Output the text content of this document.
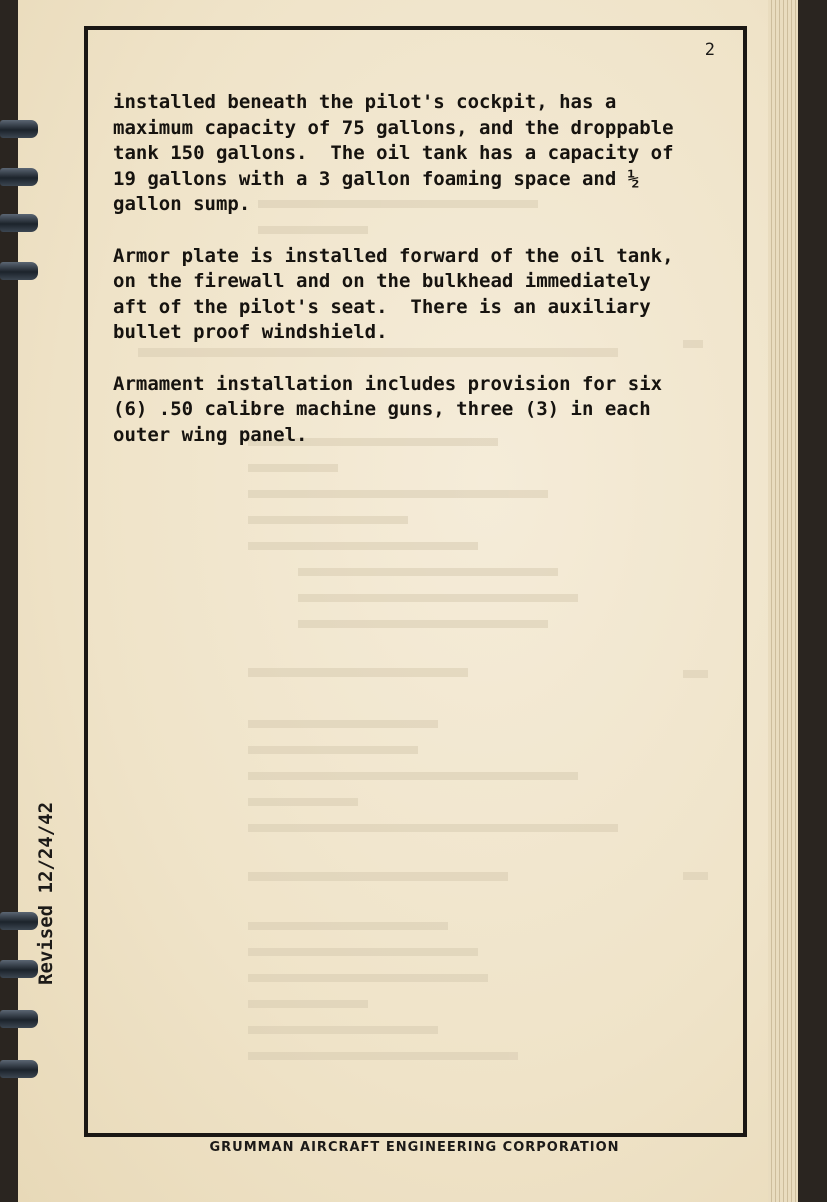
2

installed beneath the pilot's cockpit, has a
maximum capacity of 75 gallons, and the droppable
tank 150 gallons.  The oil tank has a capacity of
19 gallons with a 3 gallon foaming space and ½
gallon sump.

Armor plate is installed forward of the oil tank,
on the firewall and on the bulkhead immediately
aft of the pilot's seat.  There is an auxiliary
bullet proof windshield.

Armament installation includes provision for six
(6) .50 calibre machine guns, three (3) in each
outer wing panel.

Revised 12/24/42
GRUMMAN AIRCRAFT ENGINEERING CORPORATION
